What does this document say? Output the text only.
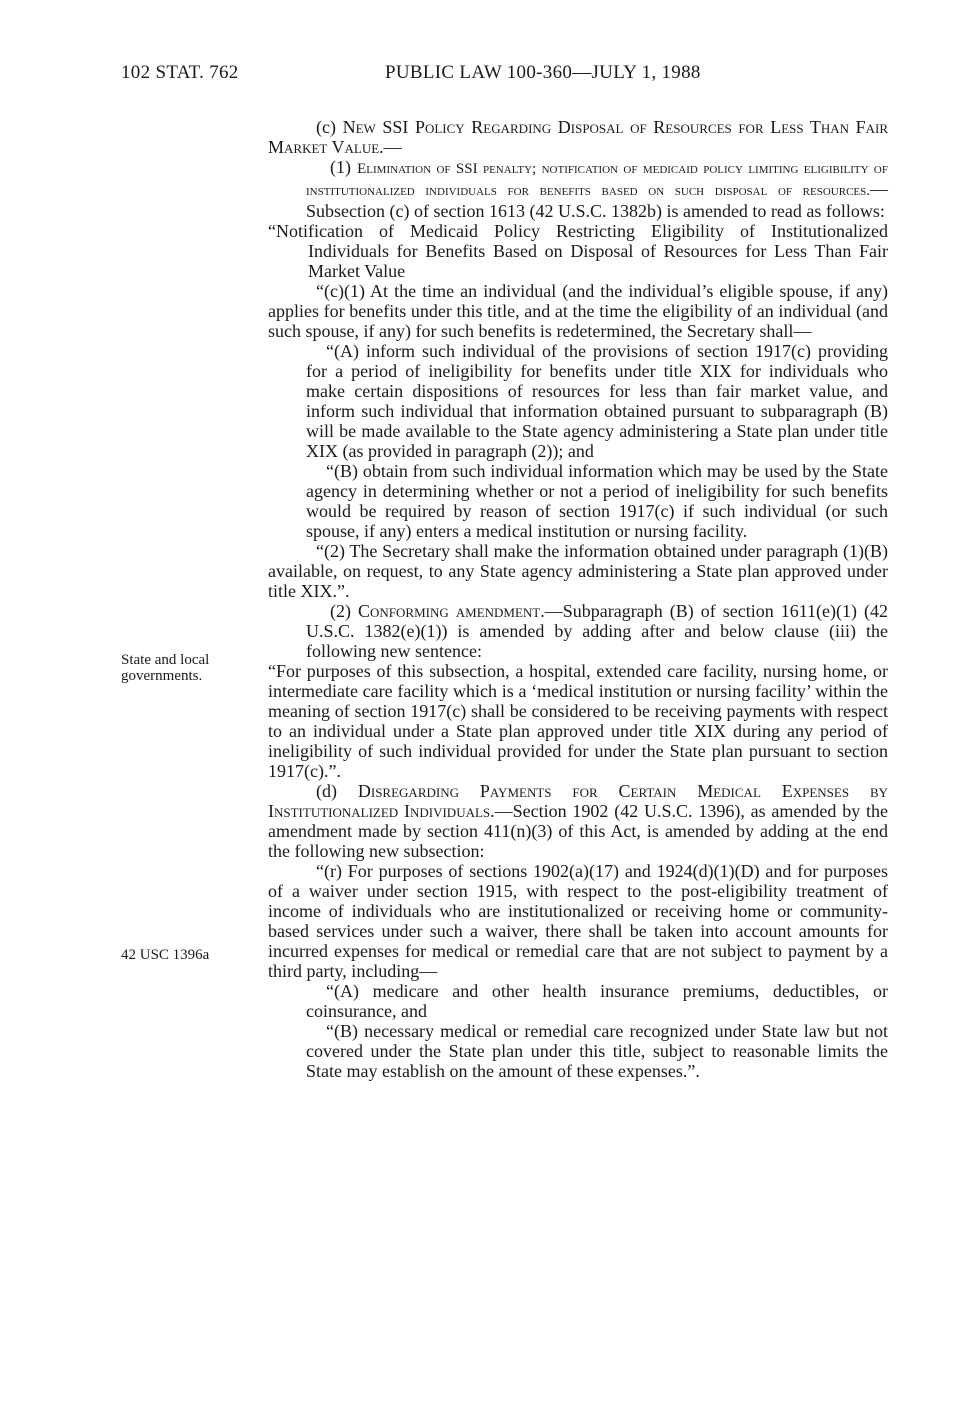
102 STAT. 762	PUBLIC LAW 100-360—JULY 1, 1988
State and local
governments.
42 USC 1396a

(c) New SSI Policy Regarding Disposal of Resources for Less Than Fair Market Value.—

(1) Elimination of SSI penalty; notification of medicaid policy limiting eligibility of institutionalized individuals for benefits based on such disposal of resources.—Subsection (c) of section 1613 (42 U.S.C. 1382b) is amended to read as follows:

“Notification of Medicaid Policy Restricting Eligibility of Institutionalized Individuals for Benefits Based on Disposal of Resources for Less Than Fair Market Value

“(c)(1) At the time an individual (and the individual’s eligible spouse, if any) applies for benefits under this title, and at the time the eligibility of an individual (and such spouse, if any) for such benefits is redetermined, the Secretary shall—

“(A) inform such individual of the provisions of section 1917(c) providing for a period of ineligibility for benefits under title XIX for individuals who make certain dispositions of resources for less than fair market value, and inform such individual that information obtained pursuant to subparagraph (B) will be made available to the State agency administering a State plan under title XIX (as provided in paragraph (2)); and

“(B) obtain from such individual information which may be used by the State agency in determining whether or not a period of ineligibility for such benefits would be required by reason of section 1917(c) if such individual (or such spouse, if any) enters a medical institution or nursing facility.

“(2) The Secretary shall make the information obtained under paragraph (1)(B) available, on request, to any State agency administering a State plan approved under title XIX.”.

(2) Conforming amendment.—Subparagraph (B) of section 1611(e)(1) (42 U.S.C. 1382(e)(1)) is amended by adding after and below clause (iii) the following new sentence:

“For purposes of this subsection, a hospital, extended care facility, nursing home, or intermediate care facility which is a ‘medical institution or nursing facility’ within the meaning of section 1917(c) shall be considered to be receiving payments with respect to an individual under a State plan approved under title XIX during any period of ineligibility of such individual provided for under the State plan pursuant to section 1917(c).”.

(d) Disregarding Payments for Certain Medical Expenses by Institutionalized Individuals.—Section 1902 (42 U.S.C. 1396), as amended by the amendment made by section 411(n)(3) of this Act, is amended by adding at the end the following new subsection:

“(r) For purposes of sections 1902(a)(17) and 1924(d)(1)(D) and for purposes of a waiver under section 1915, with respect to the post-eligibility treatment of income of individuals who are institutionalized or receiving home or community-based services under such a waiver, there shall be taken into account amounts for incurred expenses for medical or remedial care that are not subject to payment by a third party, including—

“(A) medicare and other health insurance premiums, deductibles, or coinsurance, and

“(B) necessary medical or remedial care recognized under State law but not covered under the State plan under this title, subject to reasonable limits the State may establish on the amount of these expenses.”.
